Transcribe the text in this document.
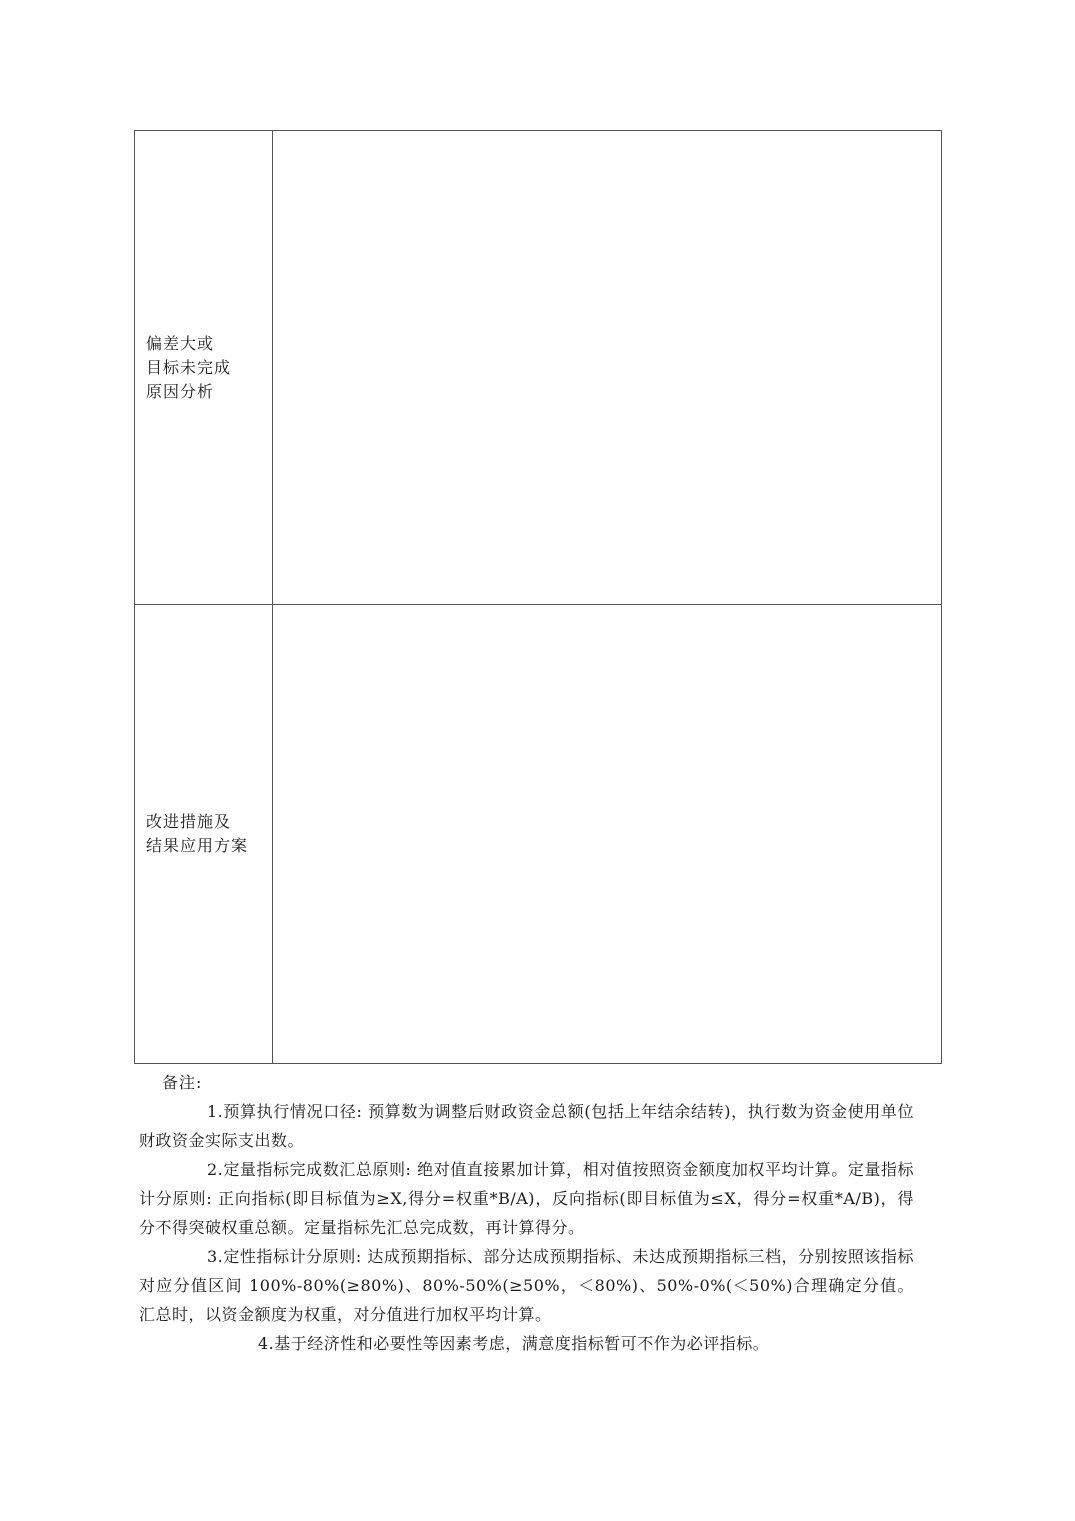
偏差大或
目标未完成
原因分析
改进措施及
结果应用方案

备注:

1.预算执行情况口径: 预算数为调整后财政资金总额(包括上年结余结转)，执行数为资金使用单位财政资金实际支出数。

2.定量指标完成数汇总原则: 绝对值直接累加计算，相对值按照资金额度加权平均计算。定量指标计分原则: 正向指标(即目标值为≥X,得分=权重*B/A)，反向指标(即目标值为≤X，得分=权重*A/B)，得分不得突破权重总额。定量指标先汇总完成数，再计算得分。

3.定性指标计分原则: 达成预期指标、部分达成预期指标、未达成预期指标三档，分别按照该指标对应分值区间 100%-80%(≥80%)、80%-50%(≥50%，＜80%)、50%-0%(＜50%)合理确定分值。汇总时，以资金额度为权重，对分值进行加权平均计算。

4.基于经济性和必要性等因素考虑，满意度指标暂可不作为必评指标。
